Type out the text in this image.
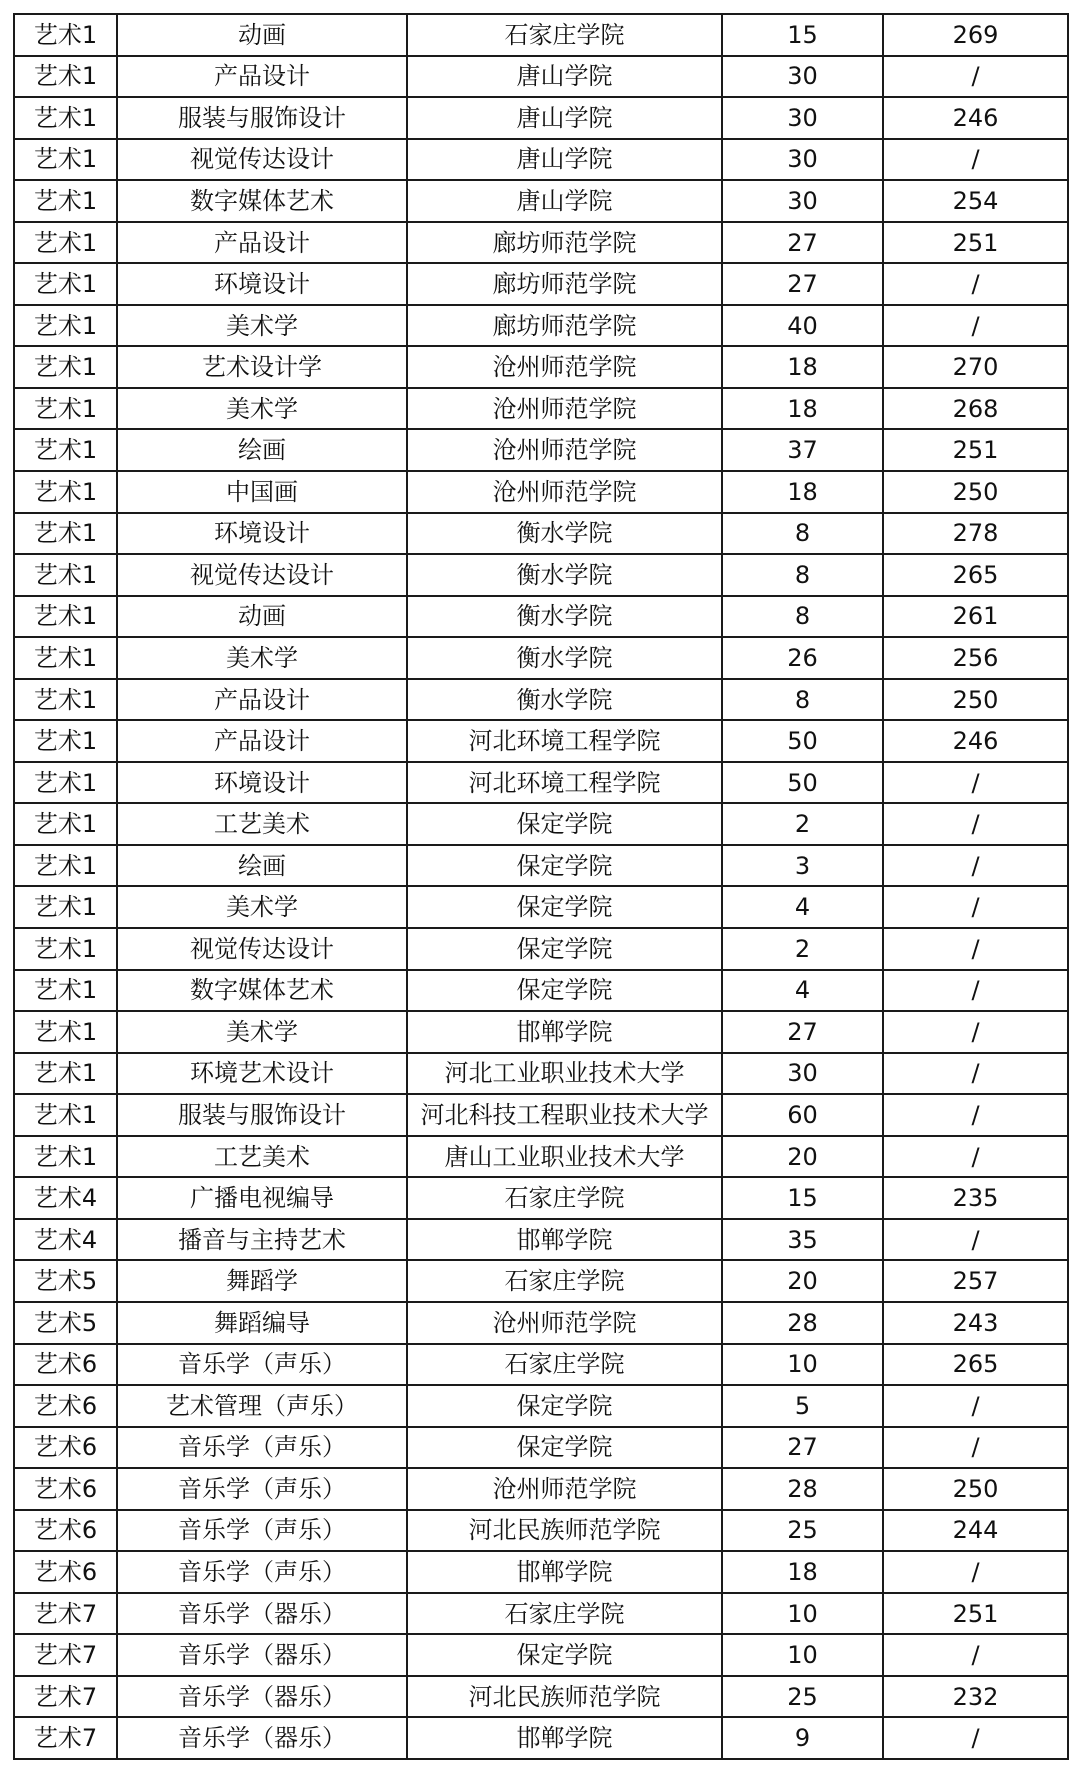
艺术1	动画	石家庄学院	15	269
艺术1	产品设计	唐山学院	30	/
艺术1	服装与服饰设计	唐山学院	30	246
艺术1	视觉传达设计	唐山学院	30	/
艺术1	数字媒体艺术	唐山学院	30	254
艺术1	产品设计	廊坊师范学院	27	251
艺术1	环境设计	廊坊师范学院	27	/
艺术1	美术学	廊坊师范学院	40	/
艺术1	艺术设计学	沧州师范学院	18	270
艺术1	美术学	沧州师范学院	18	268
艺术1	绘画	沧州师范学院	37	251
艺术1	中国画	沧州师范学院	18	250
艺术1	环境设计	衡水学院	8	278
艺术1	视觉传达设计	衡水学院	8	265
艺术1	动画	衡水学院	8	261
艺术1	美术学	衡水学院	26	256
艺术1	产品设计	衡水学院	8	250
艺术1	产品设计	河北环境工程学院	50	246
艺术1	环境设计	河北环境工程学院	50	/
艺术1	工艺美术	保定学院	2	/
艺术1	绘画	保定学院	3	/
艺术1	美术学	保定学院	4	/
艺术1	视觉传达设计	保定学院	2	/
艺术1	数字媒体艺术	保定学院	4	/
艺术1	美术学	邯郸学院	27	/
艺术1	环境艺术设计	河北工业职业技术大学	30	/
艺术1	服装与服饰设计	河北科技工程职业技术大学	60	/
艺术1	工艺美术	唐山工业职业技术大学	20	/
艺术4	广播电视编导	石家庄学院	15	235
艺术4	播音与主持艺术	邯郸学院	35	/
艺术5	舞蹈学	石家庄学院	20	257
艺术5	舞蹈编导	沧州师范学院	28	243
艺术6	音乐学（声乐）	石家庄学院	10	265
艺术6	艺术管理（声乐）	保定学院	5	/
艺术6	音乐学（声乐）	保定学院	27	/
艺术6	音乐学（声乐）	沧州师范学院	28	250
艺术6	音乐学（声乐）	河北民族师范学院	25	244
艺术6	音乐学（声乐）	邯郸学院	18	/
艺术7	音乐学（器乐）	石家庄学院	10	251
艺术7	音乐学（器乐）	保定学院	10	/
艺术7	音乐学（器乐）	河北民族师范学院	25	232
艺术7	音乐学（器乐）	邯郸学院	9	/
